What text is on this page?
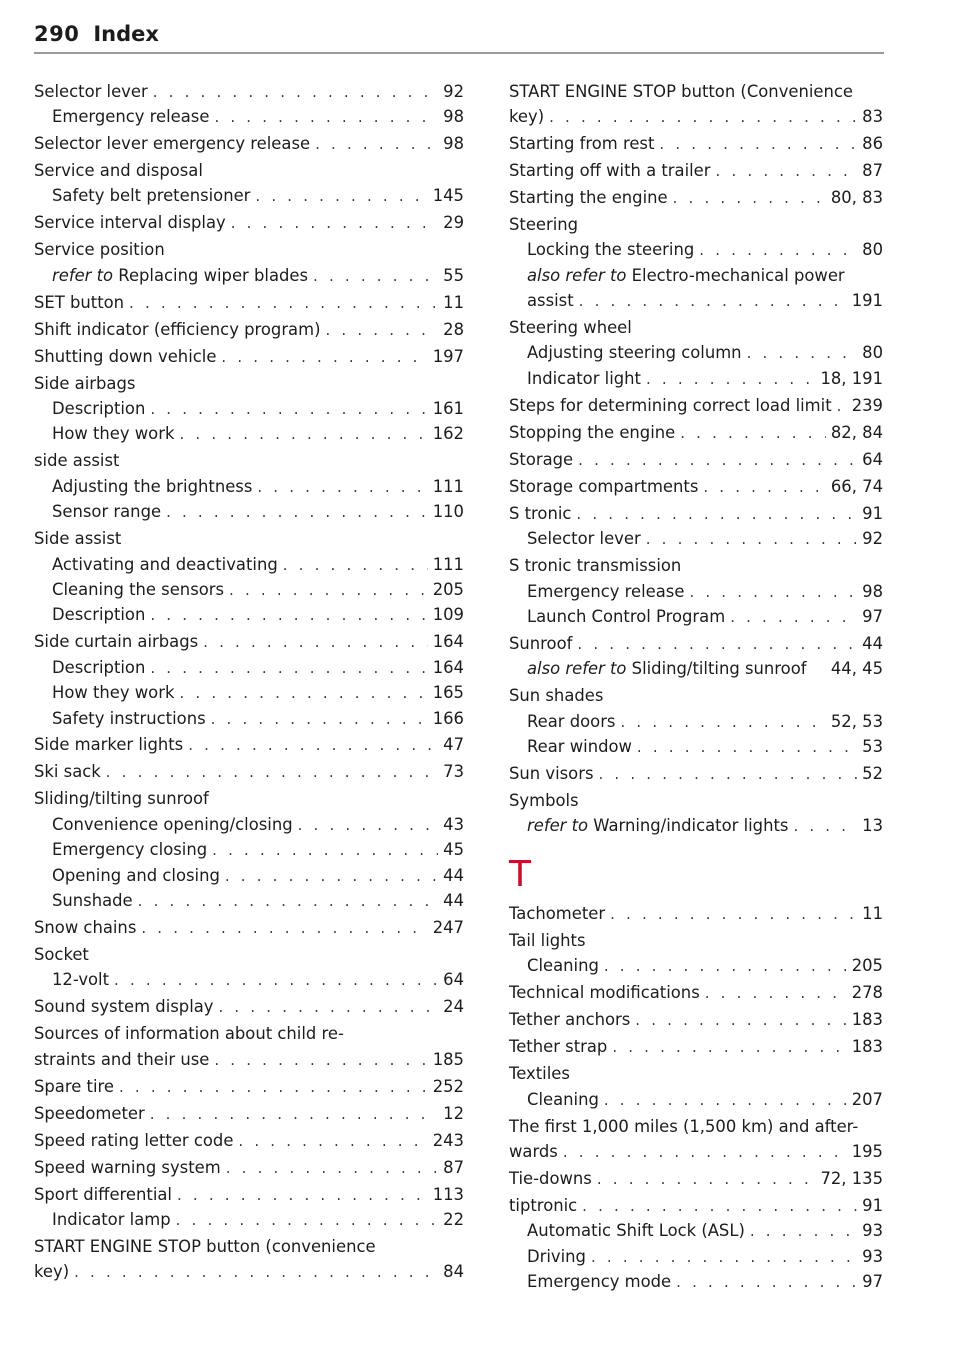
290 Index
Selector lever . . .	92
Emergency release . . .	98
Selector lever emergency release . . .	98
Service and disposal
Safety belt pretensioner . . .	145
Service interval display . . .	29
Service position
refer to Replacing wiper blades . . .	55
SET button . . .	11
Shift indicator (efficiency program) . . .	28
Shutting down vehicle . . .	197
Side airbags
Description . . .	161
How they work . . .	162
side assist
Adjusting the brightness . . .	111
Sensor range . . .	110
Side assist
Activating and deactivating . . .	111
Cleaning the sensors . . .	205
Description . . .	109
Side curtain airbags . . .	164
Description . . .	164
How they work . . .	165
Safety instructions . . .	166
Side marker lights . . .	47
Ski sack . . .	73
Sliding/tilting sunroof
Convenience opening/closing . . .	43
Emergency closing . . .	45
Opening and closing . . .	44
Sunshade . . .	44
Snow chains . . .	247
Socket
12-volt . . .	64
Sound system display . . .	24
Sources of information about child re-
straints and their use . . .	185
Spare tire . . .	252
Speedometer . . .	12
Speed rating letter code . . .	243
Speed warning system . . .	87
Sport differential . . .	113
Indicator lamp . . .	22
START ENGINE STOP button (convenience
key) . . .	84
START ENGINE STOP button (Convenience
key) . . .	83
Starting from rest . . .	86
Starting off with a trailer . . .	87
Starting the engine . . .	80, 83
Steering
Locking the steering . . .	80
also refer to Electro-mechanical power
assist . . .	191
Steering wheel
Adjusting steering column . . .	80
Indicator light . . .	18, 191
Steps for determining correct load limit . . . 239
Stopping the engine . . .	82, 84
Storage . . .	64
Storage compartments . . .	66, 74
S tronic . . .	91
Selector lever . . .	92
S tronic transmission
Emergency release . . .	98
Launch Control Program . . .	97
Sunroof . . .	44
also refer to Sliding/tilting sunroof 44, 45
Sun shades
Rear doors . . .	52, 53
Rear window . . .	53
Sun visors . . .	52
Symbols
refer to Warning/indicator lights . . .	13
T
Tachometer . . .	11
Tail lights
Cleaning . . .	205
Technical modifications . . .	278
Tether anchors . . .	183
Tether strap . . .	183
Textiles
Cleaning . . .	207
The first 1,000 miles (1,500 km) and after-
wards . . .	195
Tie-downs . . .	72, 135
tiptronic . . .	91
Automatic Shift Lock (ASL) . . .	93
Driving . . .	93
Emergency mode . . .	97
